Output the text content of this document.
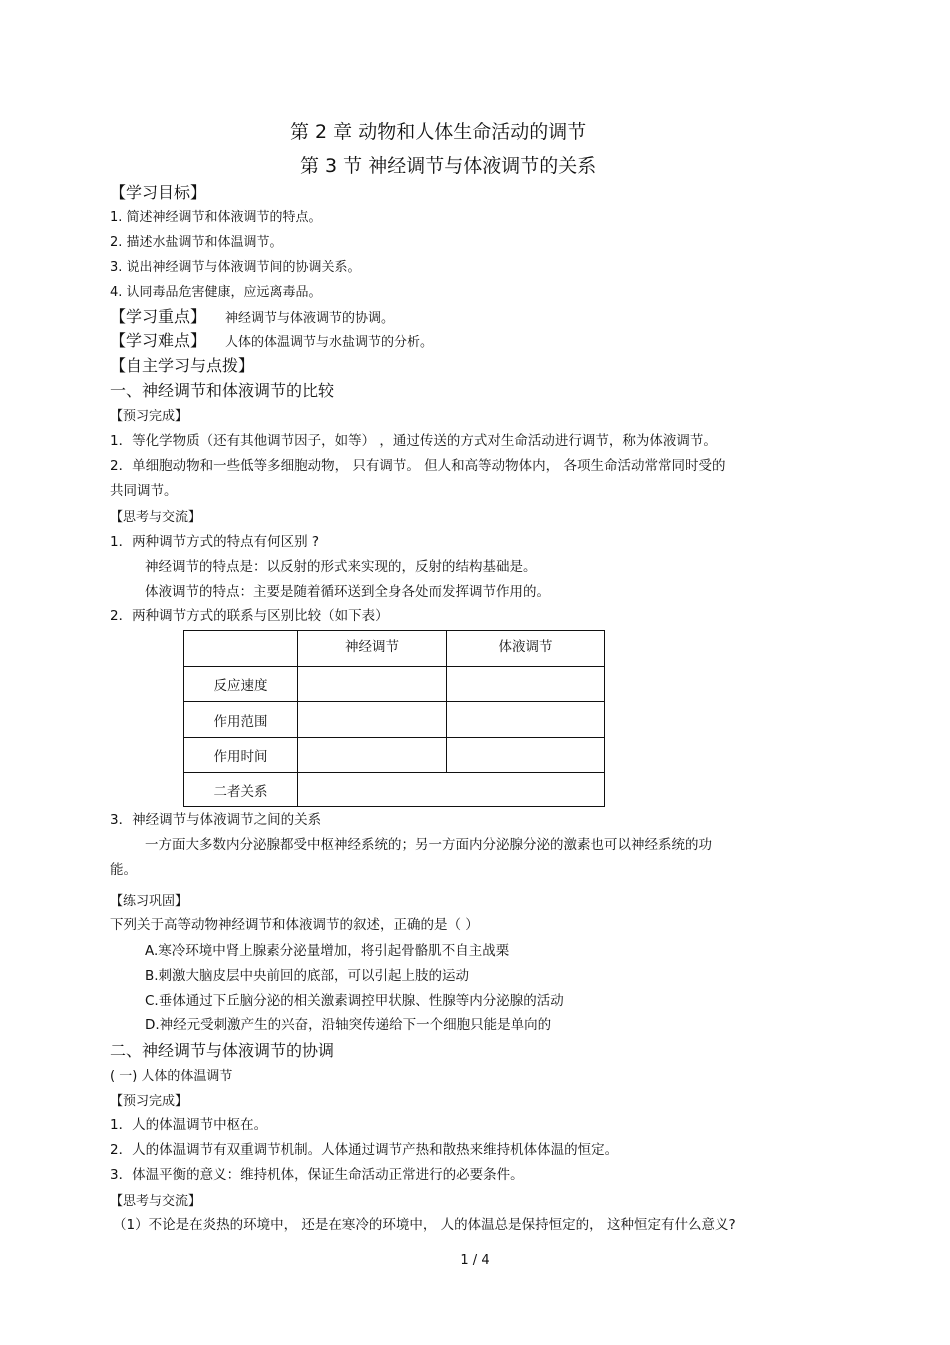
第 2 章 动物和人体生命活动的调节
第 3 节 神经调节与体液调节的关系
【学习目标】
1. 简述神经调节和体液调节的特点。
2. 描述水盐调节和体温调节。
3. 说出神经调节与体液调节间的协调关系。
4. 认同毒品危害健康，应远离毒品。
【学习重点】 神经调节与体液调节的协调。
【学习难点】 人体的体温调节与水盐调节的分析。
【自主学习与点拨】
一、神经调节和体液调节的比较
【预习完成】
1．等化学物质（还有其他调节因子，如等） ，通过传送的方式对生命活动进行调节，称为体液调节。
2．单细胞动物和一些低等多细胞动物， 只有调节。 但人和高等动物体内， 各项生命活动常常同时受的
共同调节。
【思考与交流】
1．两种调节方式的特点有何区别 ?
神经调节的特点是：以反射的形式来实现的，反射的结构基础是。
体液调节的特点：主要是随着循环送到全身各处而发挥调节作用的。
2．两种调节方式的联系与区别比较（如下表）
	神经调节	体液调节
反应速度		
作用范围		
作用时间		
二者关系		
3．神经调节与体液调节之间的关系
一方面大多数内分泌腺都受中枢神经系统的；另一方面内分泌腺分泌的激素也可以神经系统的功
能。
【练习巩固】
下列关于高等动物神经调节和体液调节的叙述，正确的是（ ）
A.寒冷环境中肾上腺素分泌量增加，将引起骨骼肌不自主战栗
B.刺激大脑皮层中央前回的底部，可以引起上肢的运动
C.垂体通过下丘脑分泌的相关激素调控甲状腺、性腺等内分泌腺的活动
D.神经元受刺激产生的兴奋，沿轴突传递给下一个细胞只能是单向的
二、神经调节与体液调节的协调
( 一) 人体的体温调节
【预习完成】
1．人的体温调节中枢在。
2．人的体温调节有双重调节机制。人体通过调节产热和散热来维持机体体温的恒定。
3．体温平衡的意义：维持机体，保证生命活动正常进行的必要条件。
【思考与交流】
（1）不论是在炎热的环境中， 还是在寒冷的环境中， 人的体温总是保持恒定的， 这种恒定有什么意义?
1 / 4
